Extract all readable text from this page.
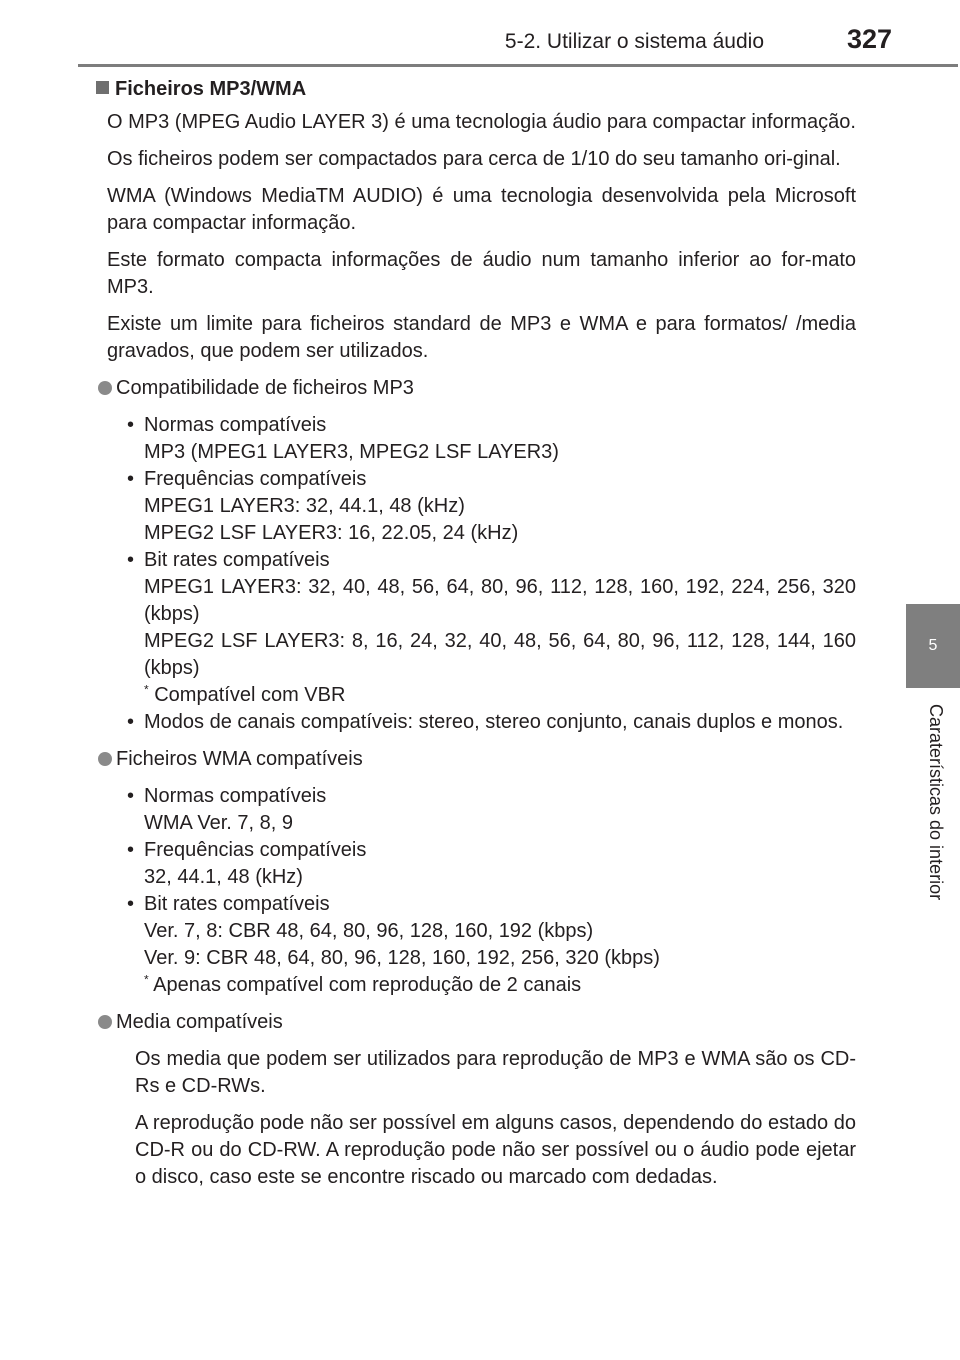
5-2. Utilizar o sistema áudio	327
5
Caraterísticas do interior
Ficheiros MP3/WMA

O MP3 (MPEG Audio LAYER 3) é uma tecnologia áudio para compactar informação.

Os ficheiros podem ser compactados para cerca de 1/10 do seu tamanho ori-ginal.

WMA (Windows MediaTM AUDIO) é uma tecnologia desenvolvida pela Microsoft para compactar informação.

Este formato compacta informações de áudio num tamanho inferior ao for-mato MP3.

Existe um limite para ficheiros standard de MP3 e WMA e para formatos/ /media gravados, que podem ser utilizados.

Compatibilidade de ficheiros MP3
• Normas compatíveis
MP3 (MPEG1 LAYER3, MPEG2 LSF LAYER3)
• Frequências compatíveis
MPEG1 LAYER3: 32, 44.1, 48 (kHz)
MPEG2 LSF LAYER3: 16, 22.05, 24 (kHz)
• Bit rates compatíveis
MPEG1 LAYER3: 32, 40, 48, 56, 64, 80, 96, 112, 128, 160, 192, 224, 256, 320 (kbps)
MPEG2 LSF LAYER3: 8, 16, 24, 32, 40, 48, 56, 64, 80, 96, 112, 128, 144, 160 (kbps)
* Compatível com VBR
• Modos de canais compatíveis: stereo, stereo conjunto, canais duplos e monos.
Ficheiros WMA compatíveis
• Normas compatíveis
WMA Ver. 7, 8, 9
• Frequências compatíveis
32, 44.1, 48 (kHz)
• Bit rates compatíveis
Ver. 7, 8: CBR 48, 64, 80, 96, 128, 160, 192 (kbps)
Ver. 9: CBR 48, 64, 80, 96, 128, 160, 192, 256, 320 (kbps)
* Apenas compatível com reprodução de 2 canais
Media compatíveis

Os media que podem ser utilizados para reprodução de MP3 e WMA são os CD-Rs e CD-RWs.

A reprodução pode não ser possível em alguns casos, dependendo do estado do CD-R ou do CD-RW. A reprodução pode não ser possível ou o áudio pode ejetar o disco, caso este se encontre riscado ou marcado com dedadas.
